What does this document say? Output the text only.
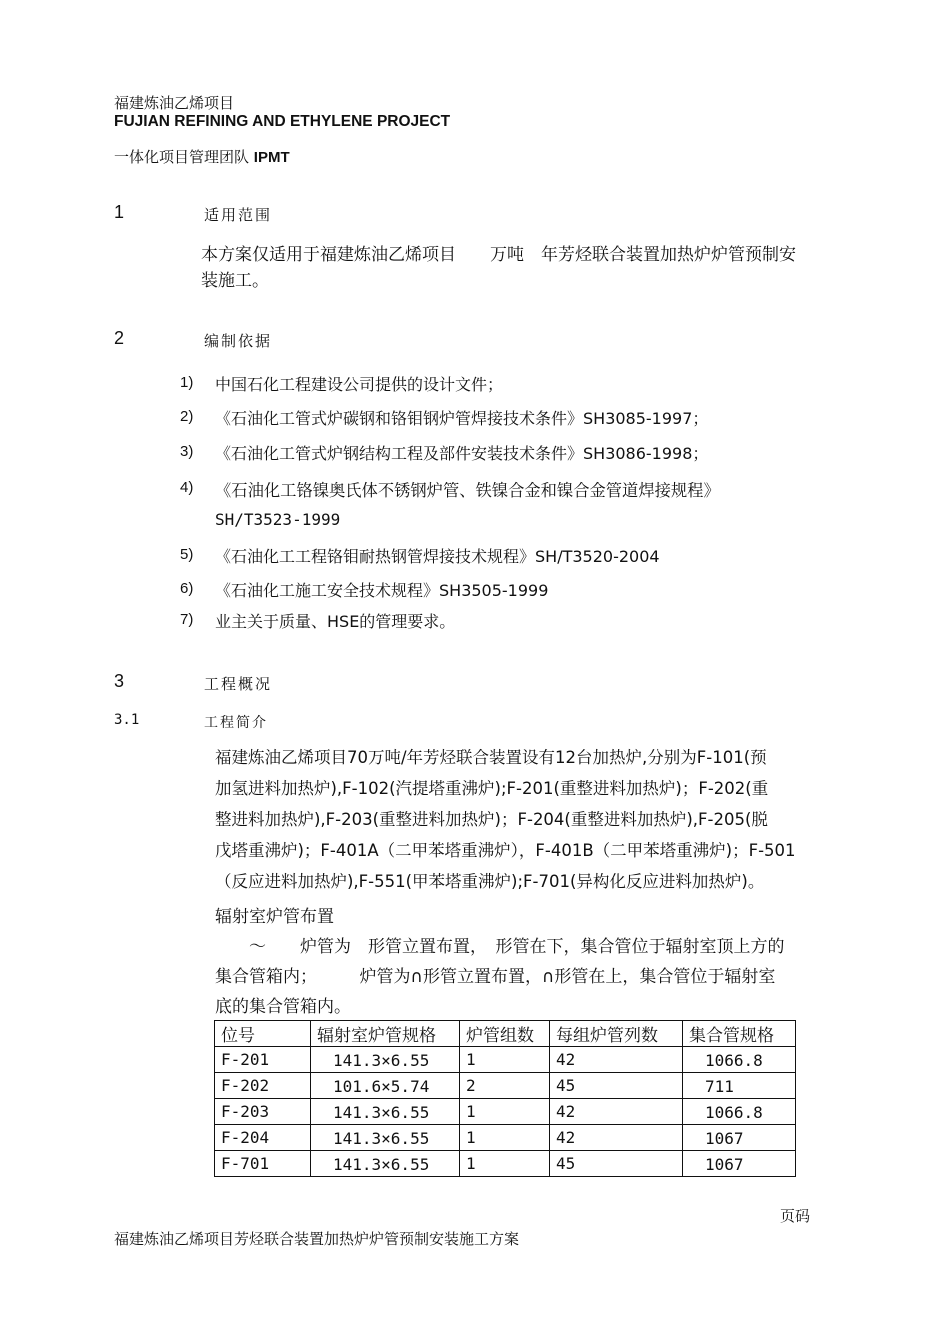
福建炼油乙烯项目
FUJIAN REFINING AND ETHYLENE PROJECT
一体化项目管理团队 IPMT
1	适用范围
本方案仅适用于福建炼油乙烯项目　　万吨　年芳烃联合装置加热炉炉管预制安
装施工。
2	编制依据
1) 中国石化工程建设公司提供的设计文件；
2) 《石油化工管式炉碳钢和铬钼钢炉管焊接技术条件》SH3085-1997；
3) 《石油化工管式炉钢结构工程及部件安装技术条件》SH3086-1998；
4) 《石油化工铬镍奥氏体不锈钢炉管、铁镍合金和镍合金管道焊接规程》
SH/T3523-1999
5) 《石油化工工程铬钼耐热钢管焊接技术规程》SH/T3520-2004
6) 《石油化工施工安全技术规程》SH3505-1999
7) 业主关于质量、HSE的管理要求。
3	工程概况
3.1	工程简介
福建炼油乙烯项目70万吨/年芳烃联合装置设有12台加热炉,分别为F-101(预
加氢进料加热炉),F-102(汽提塔重沸炉);F-201(重整进料加热炉)；F-202(重
整进料加热炉),F-203(重整进料加热炉)；F-204(重整进料加热炉),F-205(脱
戊塔重沸炉)；F-401A（二甲苯塔重沸炉），F-401B（二甲苯塔重沸炉)；F-501
（反应进料加热炉),F-551(甲苯塔重沸炉);F-701(异构化反应进料加热炉)。
辐射室炉管布置
　　～　　炉管为　形管立置布置，　形管在下，集合管位于辐射室顶上方的
集合管箱内；　　　炉管为∩形管立置布置，∩形管在上，集合管位于辐射室
底的集合管箱内。
位号	辐射室炉管规格	炉管组数	每组炉管列数	集合管规格
F-201	　141.3×6.55	1	42	　1066.8
F-202	　101.6×5.74	2	45	　711
F-203	　141.3×6.55	1	42	　1066.8
F-204	　141.3×6.55	1	42	　1067
F-701	　141.3×6.55	1	45	　1067
页码
福建炼油乙烯项目芳烃联合装置加热炉炉管预制安装施工方案
